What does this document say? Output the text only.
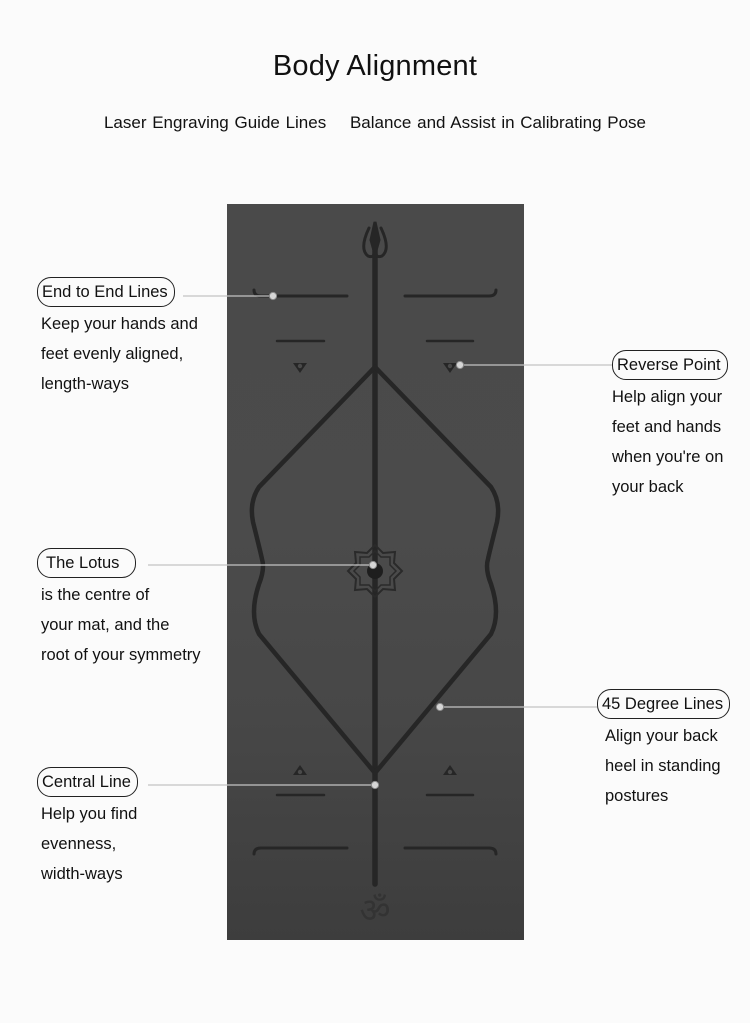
Body Alignment
Laser Engraving Guide Lines Balance and Assist in Calibrating Pose
ॐ
End to End Lines
Keep your hands and
feet evenly aligned,
length-ways
Reverse Point
Help align your
feet and hands
when you're on
your back
The Lotus
is the centre of
your mat, and the
root of your symmetry
45 Degree Lines
Align your back
heel in standing
postures
Central Line
Help you find
evenness,
width-ways
